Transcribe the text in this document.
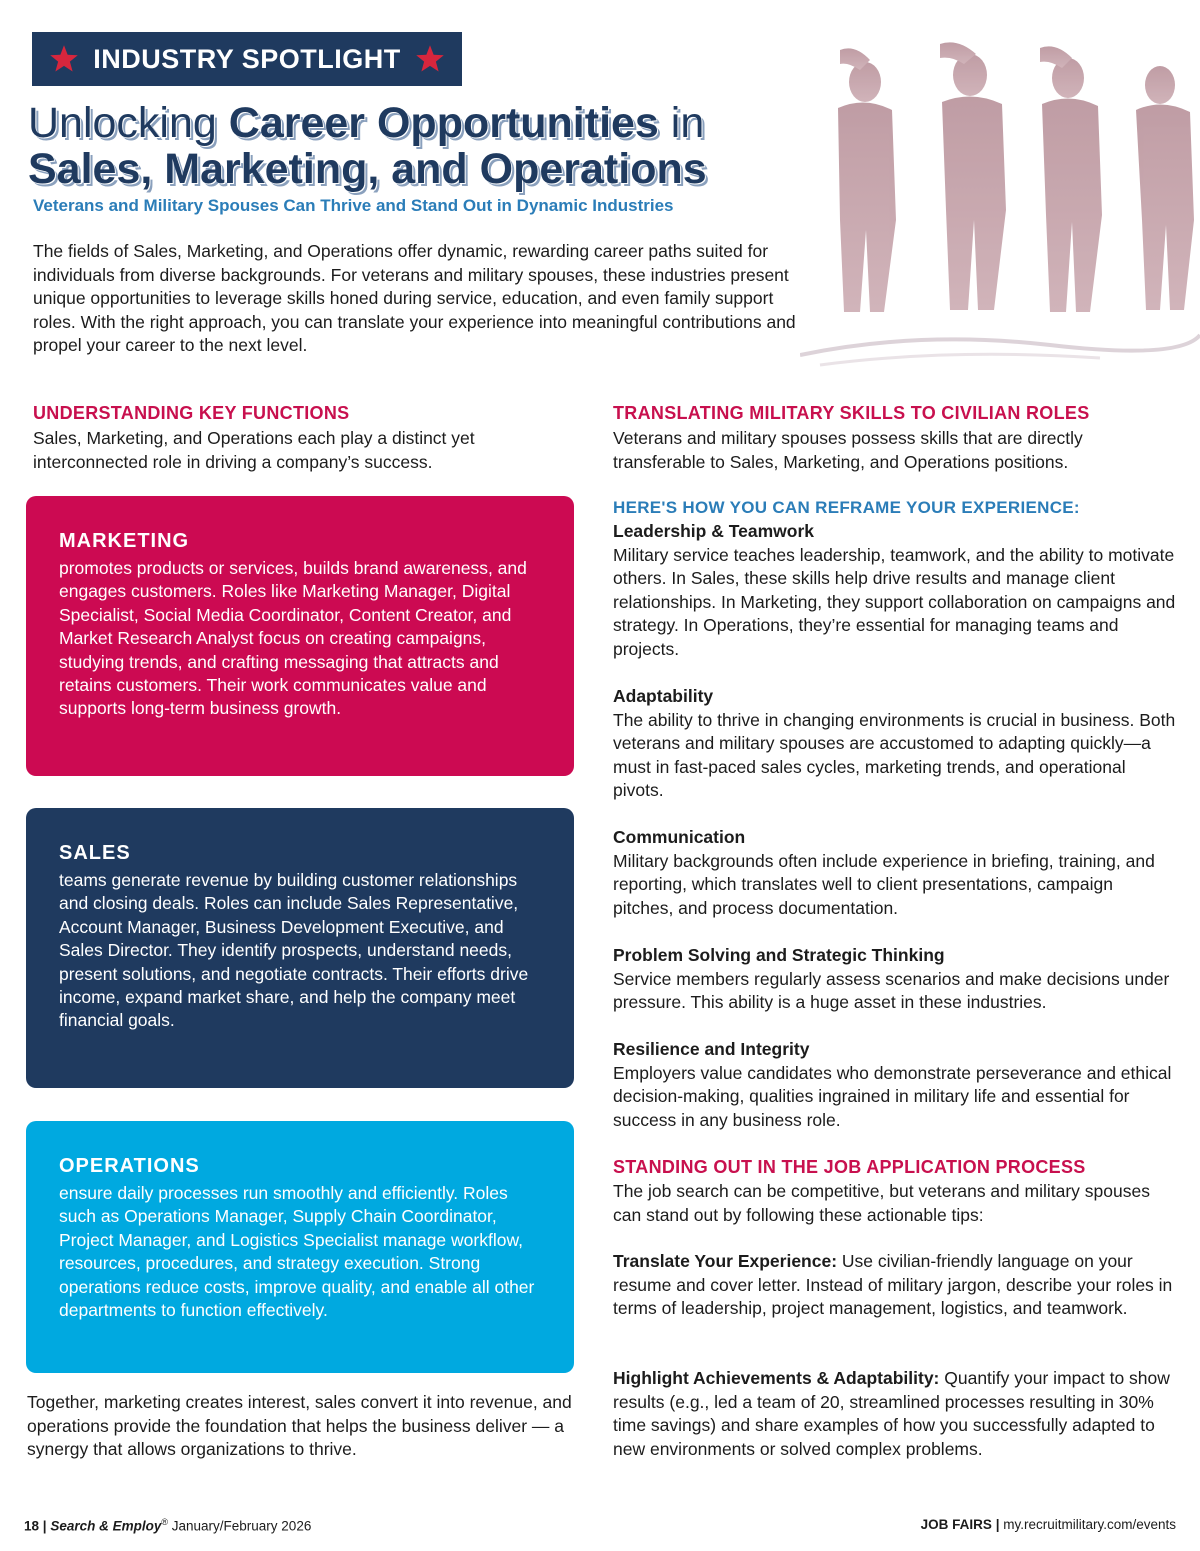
INDUSTRY SPOTLIGHT
Unlocking Career Opportunities in
Sales, Marketing, and Operations
Veterans and Military Spouses Can Thrive and Stand Out in Dynamic Industries
The fields of Sales, Marketing, and Operations offer dynamic, rewarding career paths suited for individuals from diverse backgrounds. For veterans and military spouses, these industries present unique opportunities to leverage skills honed during service, education, and even family support roles. With the right approach, you can translate your experience into meaningful contributions and propel your career to the next level.
UNDERSTANDING KEY FUNCTIONS
Sales, Marketing, and Operations each play a distinct yet interconnected role in driving a company’s success.
MARKETING
promotes products or services, builds brand awareness, and engages customers. Roles like Marketing Manager, Digital Specialist, Social Media Coordinator, Content Creator, and Market Research Analyst focus on creating campaigns, studying trends, and crafting messaging that attracts and retains customers. Their work communicates value and supports long-term business growth.
SALES
teams generate revenue by building customer relationships and closing deals. Roles can include Sales Representative, Account Manager, Business Development Executive, and Sales Director. They identify prospects, understand needs, present solutions, and negotiate contracts. Their efforts drive income, expand market share, and help the company meet financial goals.
OPERATIONS
ensure daily processes run smoothly and efficiently. Roles such as Operations Manager, Supply Chain Coordinator, Project Manager, and Logistics Specialist manage workflow, resources, procedures, and strategy execution. Strong operations reduce costs, improve quality, and enable all other departments to function effectively.
Together, marketing creates interest, sales convert it into revenue, and operations provide the foundation that helps the business deliver — a synergy that allows organizations to thrive.
TRANSLATING MILITARY SKILLS TO CIVILIAN ROLES
Veterans and military spouses possess skills that are directly transferable to Sales, Marketing, and Operations positions.
HERE'S HOW YOU CAN REFRAME YOUR EXPERIENCE:
Leadership & Teamwork
Military service teaches leadership, teamwork, and the ability to motivate others. In Sales, these skills help drive results and manage client relationships. In Marketing, they support collaboration on campaigns and strategy. In Operations, they’re essential for managing teams and projects.
Adaptability
The ability to thrive in changing environments is crucial in business. Both veterans and military spouses are accustomed to adapting quickly—a must in fast-paced sales cycles, marketing trends, and operational pivots.
Communication
Military backgrounds often include experience in briefing, training, and reporting, which translates well to client presentations, campaign pitches, and process documentation.
Problem Solving and Strategic Thinking
Service members regularly assess scenarios and make decisions under pressure. This ability is a huge asset in these industries.
Resilience and Integrity
Employers value candidates who demonstrate perseverance and ethical decision-making, qualities ingrained in military life and essential for success in any business role.
STANDING OUT IN THE JOB APPLICATION PROCESS
The job search can be competitive, but veterans and military spouses can stand out by following these actionable tips:
Translate Your Experience: Use civilian-friendly language on your resume and cover letter. Instead of military jargon, describe your roles in terms of leadership, project management, logistics, and teamwork.
Highlight Achievements & Adaptability: Quantify your impact to show results (e.g., led a team of 20, streamlined processes resulting in 30% time savings) and share examples of how you successfully adapted to new environments or solved complex problems.
18 | Search & Employ® January/February 2026	JOB FAIRS | my.recruitmilitary.com/events
